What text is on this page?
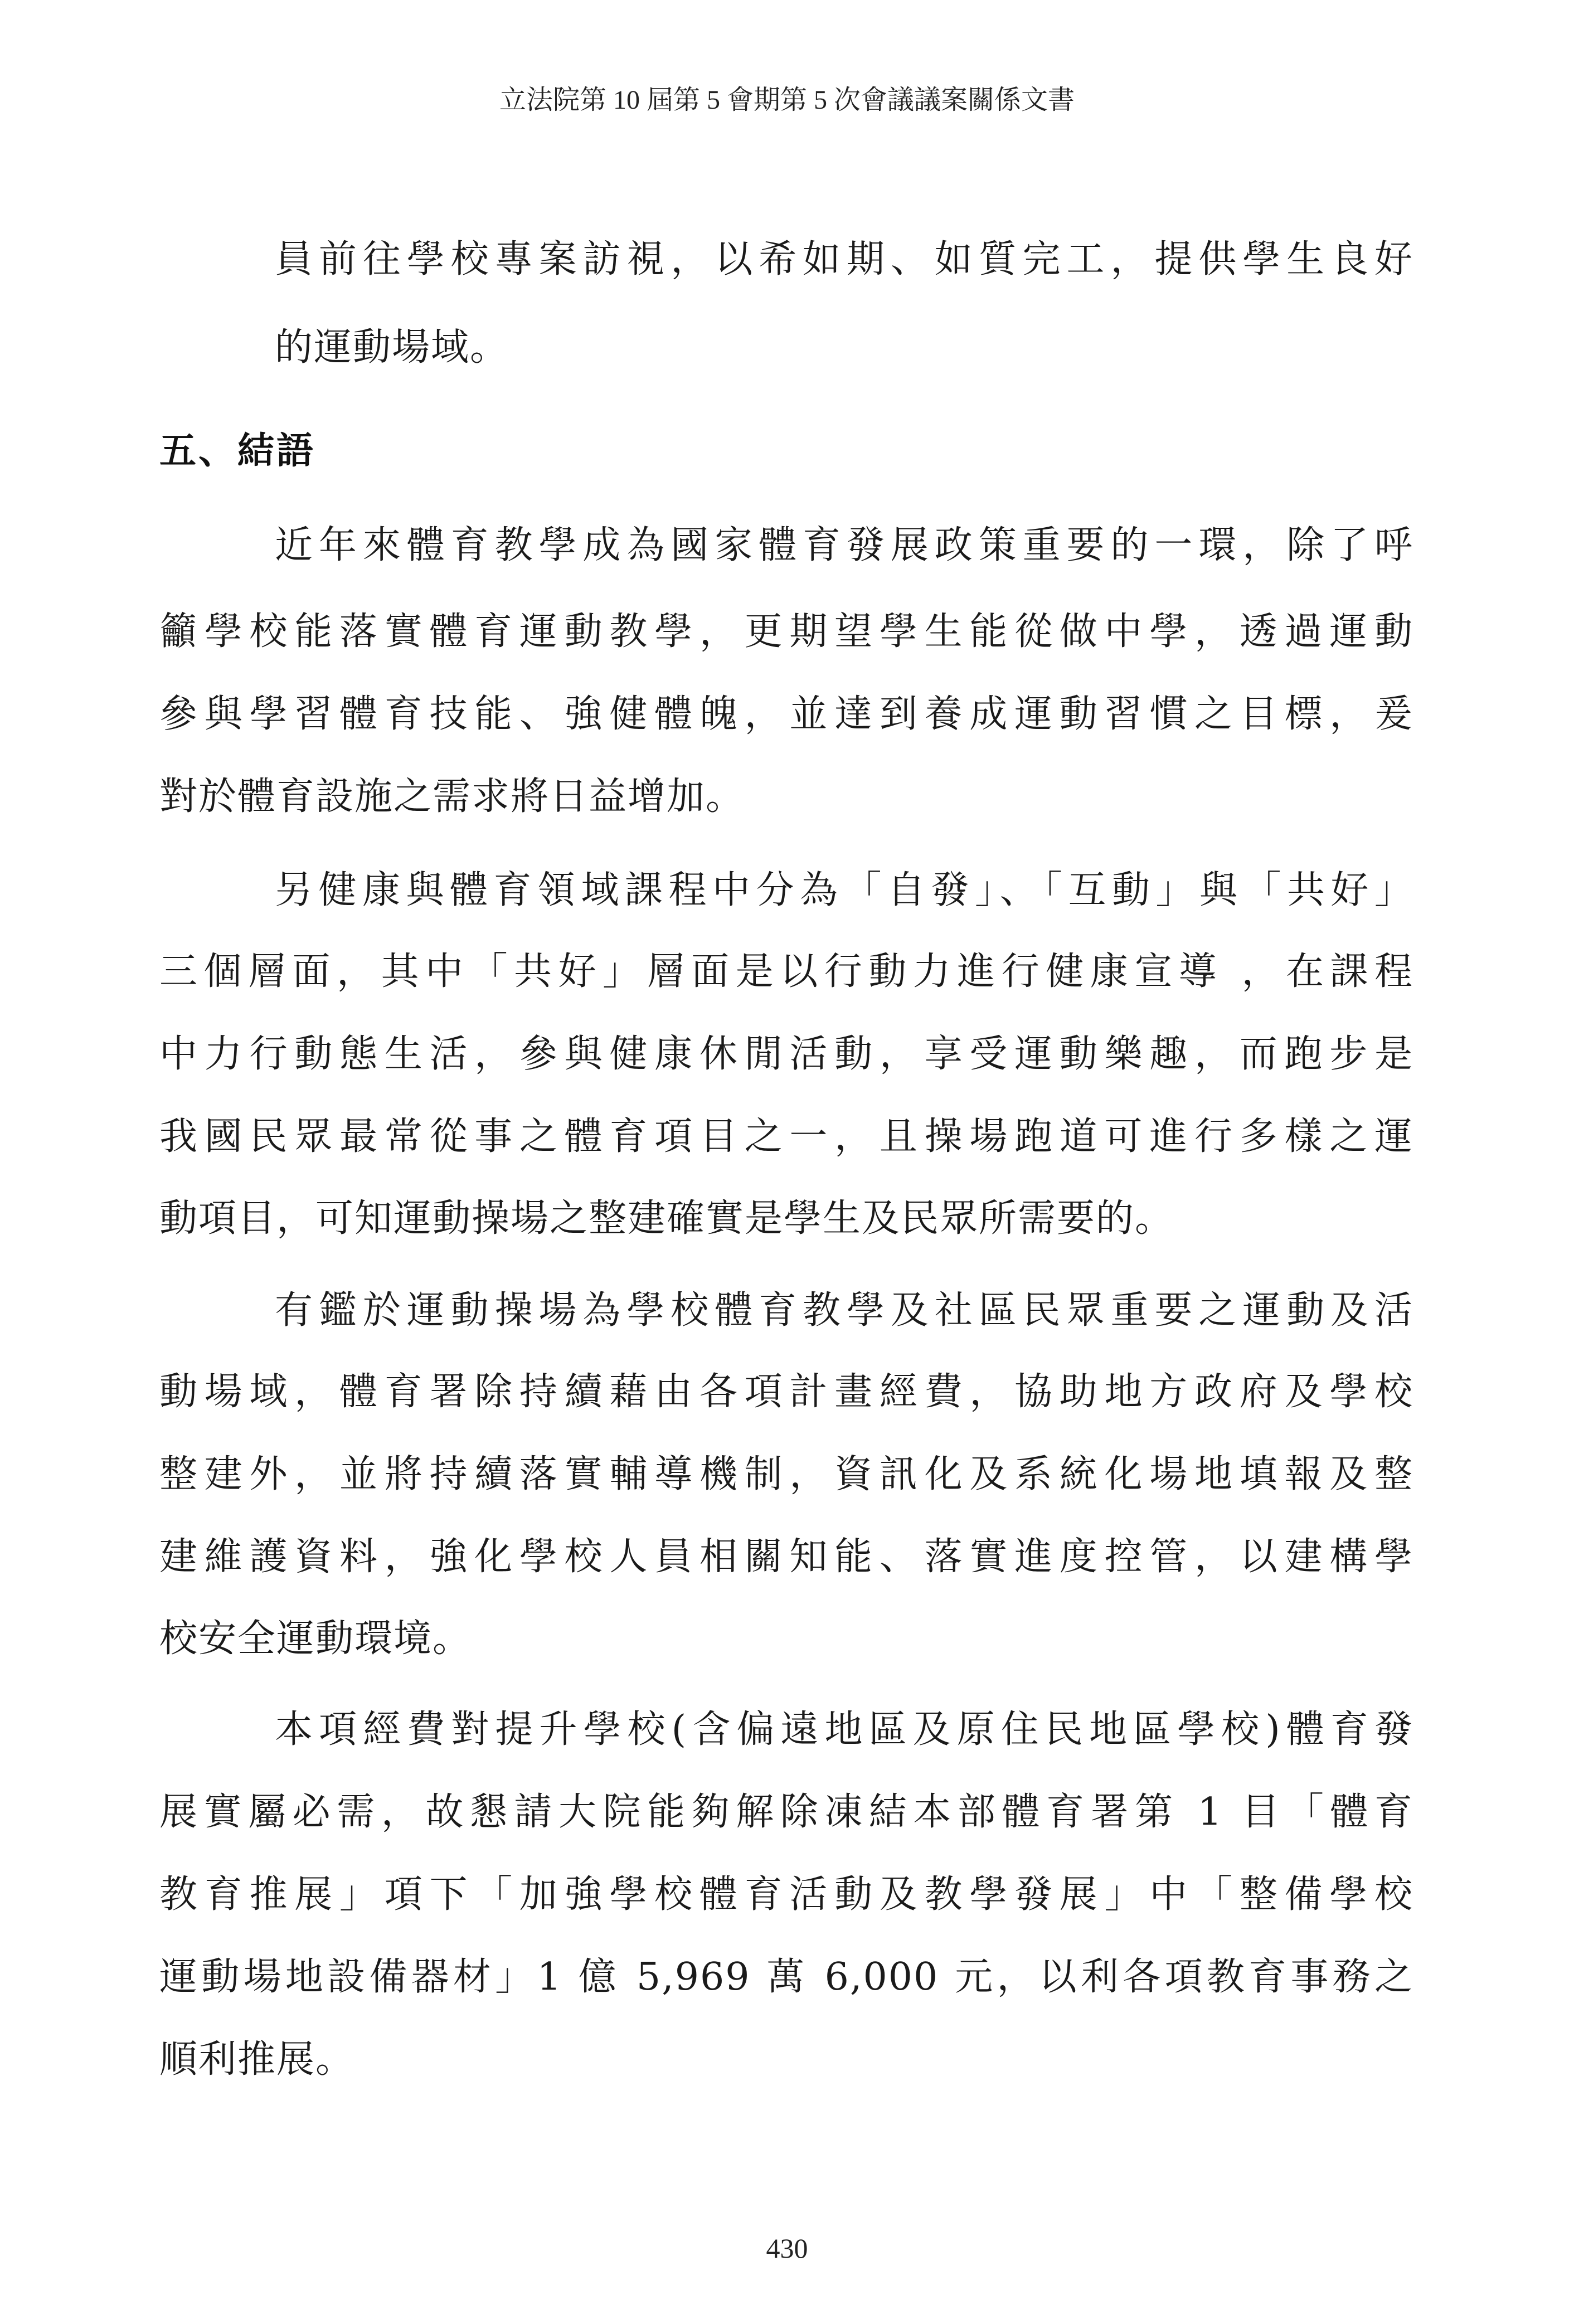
立法院第 10 屆第 5 會期第 5 次會議議案關係文書
員前往學校專案訪視，以希如期、如質完工，提供學生良好
的運動場域。
五、結語
近年來體育教學成為國家體育發展政策重要的一環，除了呼
籲學校能落實體育運動教學，更期望學生能從做中學，透過運動
參與學習體育技能、強健體魄，並達到養成運動習慣之目標，爰
對於體育設施之需求將日益增加。
另健康與體育領域課程中分為「自發」、「互動」與「共好」
三個層面，其中「共好」層面是以行動力進行健康宣導 ，在課程
中力行動態生活，參與健康休閒活動，享受運動樂趣，而跑步是
我國民眾最常從事之體育項目之一，且操場跑道可進行多樣之運
動項目，可知運動操場之整建確實是學生及民眾所需要的。
有鑑於運動操場為學校體育教學及社區民眾重要之運動及活
動場域，體育署除持續藉由各項計畫經費，協助地方政府及學校
整建外，並將持續落實輔導機制，資訊化及系統化場地填報及整
建維護資料，強化學校人員相關知能、落實進度控管，以建構學
校安全運動環境。
本項經費對提升學校(含偏遠地區及原住民地區學校)體育發
展實屬必需，故懇請大院能夠解除凍結本部體育署第 1 目「體育
教育推展」項下「加強學校體育活動及教學發展」中「整備學校
運動場地設備器材」1 億 5,969 萬 6,000 元，以利各項教育事務之
順利推展。
430
